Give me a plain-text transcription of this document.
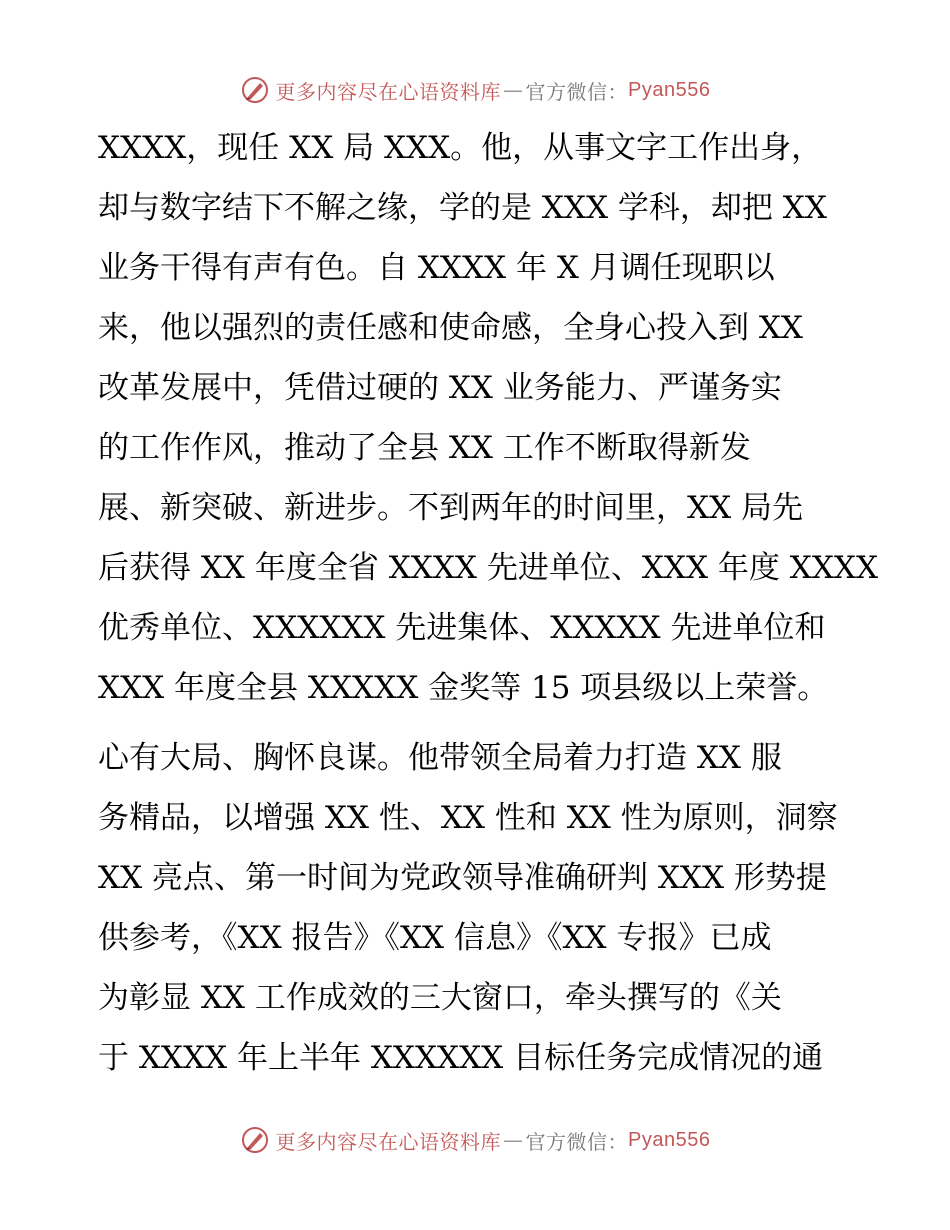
更多内容尽在心语资料库 — 官方微信： Pyan556

XXXX，现任 XX 局 XXX。他，从事文字工作出身，
却与数字结下不解之缘，学的是 XXX 学科，却把 XX
业务干得有声有色。自 XXXX 年 X 月调任现职以
来，他以强烈的责任感和使命感，全身心投入到 XX
改革发展中，凭借过硬的 XX 业务能力、严谨务实
的工作作风，推动了全县 XX 工作不断取得新发
展、新突破、新进步。不到两年的时间里，XX 局先
后获得 XX 年度全省 XXXX 先进单位、XXX 年度 XXXX
优秀单位、XXXXXX 先进集体、XXXXX 先进单位和
XXX 年度全县 XXXXX 金奖等 15 项县级以上荣誉。

心有大局、胸怀良谋。他带领全局着力打造 XX 服
务精品，以增强 XX 性、XX 性和 XX 性为原则，洞察
XX 亮点、第一时间为党政领导准确研判 XXX 形势提
供参考，《XX 报告》《XX 信息》《XX 专报》已成
为彰显 XX 工作成效的三大窗口，牵头撰写的《关
于 XXXX 年上半年 XXXXXX 目标任务完成情况的通

更多内容尽在心语资料库 — 官方微信： Pyan556
